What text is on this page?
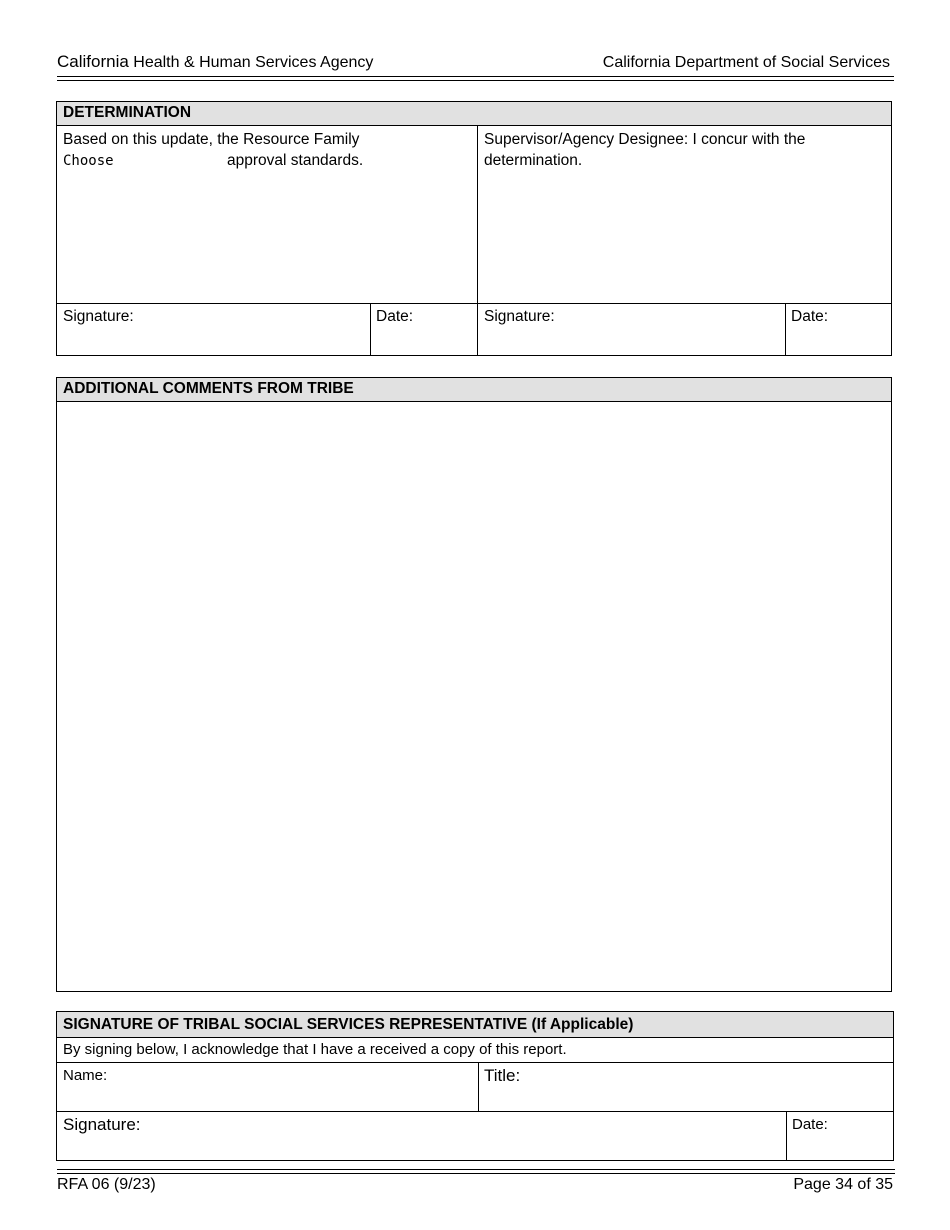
California Health & Human Services Agency	California Department of Social Services
DETERMINATION
Based on this update, the Resource Family
Choose	approval standards.
Supervisor/Agency Designee: I concur with the determination.
Signature:	Date:	Signature:	Date:
ADDITIONAL COMMENTS FROM TRIBE
SIGNATURE OF TRIBAL SOCIAL SERVICES REPRESENTATIVE (If Applicable)
By signing below, I acknowledge that I have a received a copy of this report.
Name:	Title:
Signature:	Date:
RFA 06 (9/23)	Page 34 of 35
